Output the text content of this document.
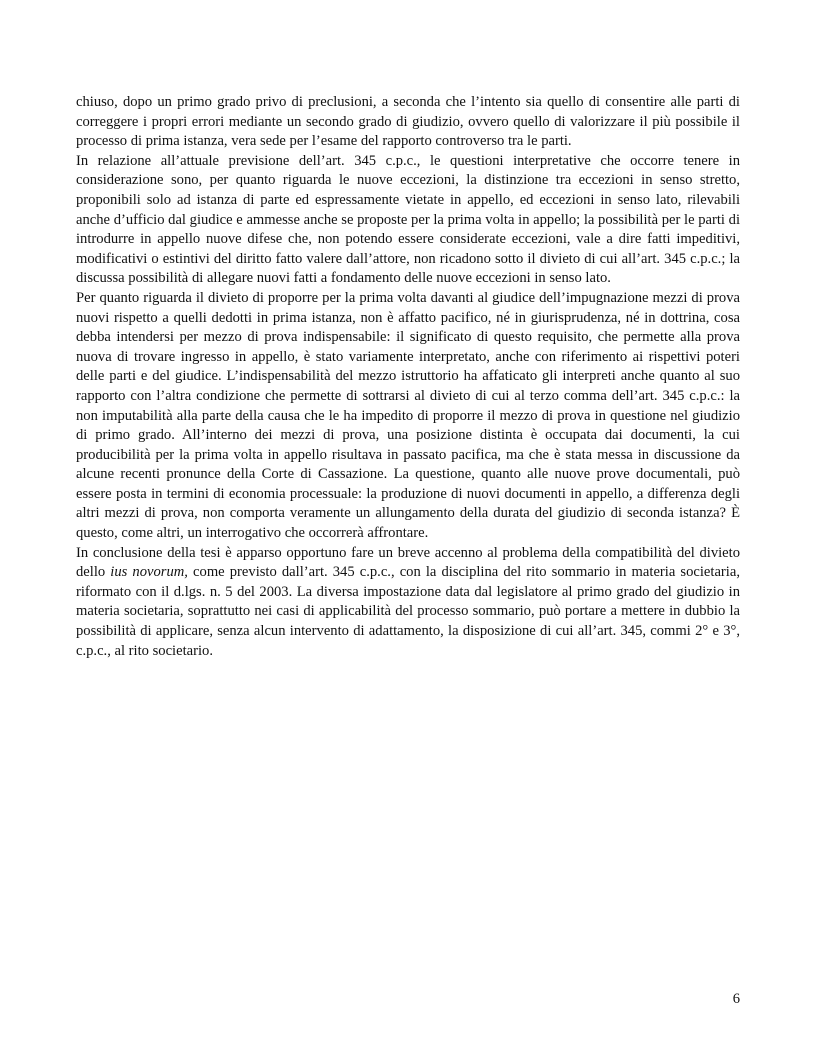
chiuso, dopo un primo grado privo di preclusioni, a seconda che l’intento sia quello di consentire alle parti di correggere i propri errori mediante un secondo grado di giudizio, ovvero quello di valorizzare il più possibile il processo di prima istanza, vera sede per l’esame del rapporto controverso tra le parti.

In relazione all’attuale previsione dell’art. 345 c.p.c., le questioni interpretative che occorre tenere in considerazione sono, per quanto riguarda le nuove eccezioni, la distinzione tra eccezioni in senso stretto, proponibili solo ad istanza di parte ed espressamente vietate in appello, ed eccezioni in senso lato, rilevabili anche d’ufficio dal giudice e ammesse anche se proposte per la prima volta in appello; la possibilità per le parti di introdurre in appello nuove difese che, non potendo essere considerate eccezioni, vale a dire fatti impeditivi, modificativi o estintivi del diritto fatto valere dall’attore, non ricadono sotto il divieto di cui all’art. 345 c.p.c.; la discussa possibilità di allegare nuovi fatti a fondamento delle nuove eccezioni in senso lato.

Per quanto riguarda il divieto di proporre per la prima volta davanti al giudice dell’impugnazione mezzi di prova nuovi rispetto a quelli dedotti in prima istanza, non è affatto pacifico, né in giurisprudenza, né in dottrina, cosa debba intendersi per mezzo di prova indispensabile: il significato di questo requisito, che permette alla prova nuova di trovare ingresso in appello, è stato variamente interpretato, anche con riferimento ai rispettivi poteri delle parti e del giudice. L’indispensabilità del mezzo istruttorio ha affaticato gli interpreti anche quanto al suo rapporto con l’altra condizione che permette di sottrarsi al divieto di cui al terzo comma dell’art. 345 c.p.c.: la non imputabilità alla parte della causa che le ha impedito di proporre il mezzo di prova in questione nel giudizio di primo grado. All’interno dei mezzi di prova, una posizione distinta è occupata dai documenti, la cui producibilità per la prima volta in appello risultava in passato pacifica, ma che è stata messa in discussione da alcune recenti pronunce della Corte di Cassazione. La questione, quanto alle nuove prove documentali, può essere posta in termini di economia processuale: la produzione di nuovi documenti in appello, a differenza degli altri mezzi di prova, non comporta veramente un allungamento della durata del giudizio di seconda istanza? È questo, come altri, un interrogativo che occorrerà affrontare.

In conclusione della tesi è apparso opportuno fare un breve accenno al problema della compatibilità del divieto dello ius novorum, come previsto dall’art. 345 c.p.c., con la disciplina del rito sommario in materia societaria, riformato con il d.lgs. n. 5 del 2003. La diversa impostazione data dal legislatore al primo grado del giudizio in materia societaria, soprattutto nei casi di applicabilità del processo sommario, può portare a mettere in dubbio la possibilità di applicare, senza alcun intervento di adattamento, la disposizione di cui all’art. 345, commi 2° e 3°, c.p.c., al rito societario.

6
